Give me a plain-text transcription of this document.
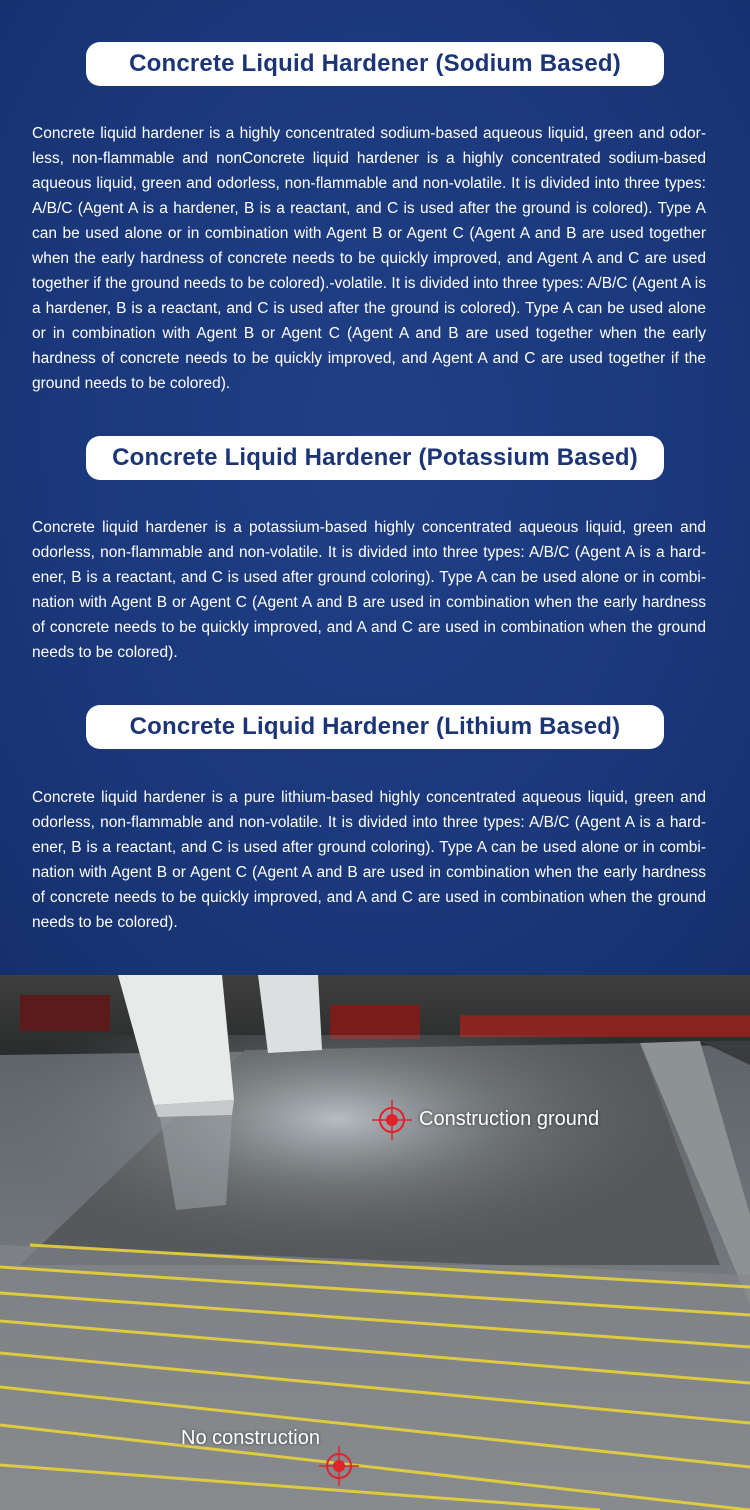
Concrete Liquid Hardener (Sodium Based)

Concrete liquid hardener is a highly concentrated sodium-based aqueous liquid, green and odor-less, non-flammable and nonConcrete liquid hardener is a highly concentrated sodium-based aqueous liquid, green and odorless, non-flammable and non-volatile. It is divided into three types: A/B/C (Agent A is a hardener, B is a reactant, and C is used after the ground is colored). Type A can be used alone or in combination with Agent B or Agent C (Agent A and B are used together when the early hardness of concrete needs to be quickly improved, and Agent A and C are used together if the ground needs to be colored).-volatile. It is divided into three types: A/B/C (Agent A is a hardener, B is a reactant, and C is used after the ground is colored). Type A can be used alone or in combination with Agent B or Agent C (Agent A and B are used together when the early hardness of concrete needs to be quickly improved, and Agent A and C are used together if the ground needs to be colored).

Concrete Liquid Hardener (Potassium Based)

Concrete liquid hardener is a potassium-based highly concentrated aqueous liquid, green and odorless, non-flammable and non-volatile. It is divided into three types: A/B/C (Agent A is a hard-ener, B is a reactant, and C is used after ground coloring). Type A can be used alone or in combi-nation with Agent B or Agent C (Agent A and B are used in combination when the early hardness of concrete needs to be quickly improved, and A and C are used in combination when the ground needs to be colored).

Concrete Liquid Hardener (Lithium Based)

Concrete liquid hardener is a pure lithium-based highly concentrated aqueous liquid, green and odorless, non-flammable and non-volatile. It is divided into three types: A/B/C (Agent A is a hard-ener, B is a reactant, and C is used after ground coloring). Type A can be used alone or in combi-nation with Agent B or Agent C (Agent A and B are used in combination when the early hardness of concrete needs to be quickly improved, and A and C are used in combination when the ground needs to be colored).

Construction ground
No construction
